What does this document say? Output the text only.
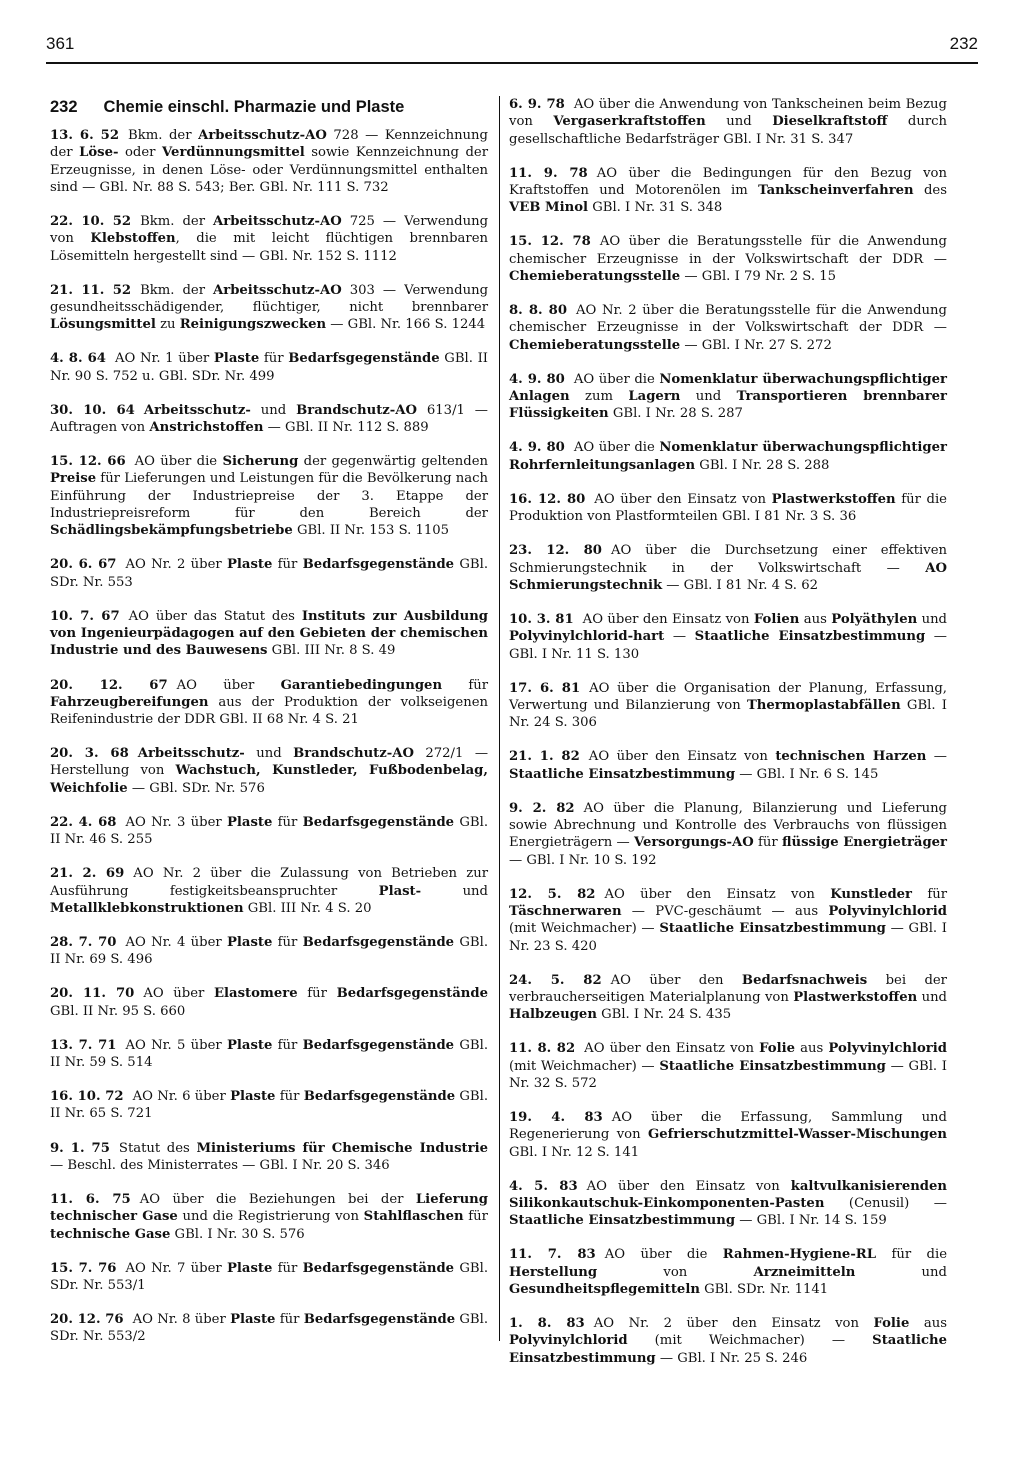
361	232
232 Chemie einschl. Pharmazie und Plaste

13. 6. 52 Bkm. der Arbeitsschutz-AO 728 — Kennzeichnung der Löse- oder Verdünnungsmittel sowie Kennzeichnung der Erzeugnisse, in denen Löse- oder Verdünnungsmittel enthalten sind — GBl. Nr. 88 S. 543; Ber. GBl. Nr. 111 S. 732

22. 10. 52 Bkm. der Arbeitsschutz-AO 725 — Verwendung von Klebstoffen, die mit leicht flüchtigen brennbaren Lösemitteln hergestellt sind — GBl. Nr. 152 S. 1112

21. 11. 52 Bkm. der Arbeitsschutz-AO 303 — Verwendung gesundheitsschädigender, flüchtiger, nicht brennbarer Lösungsmittel zu Reinigungszwecken — GBl. Nr. 166 S. 1244

4. 8. 64 AO Nr. 1 über Plaste für Bedarfsgegenstände GBl. II Nr. 90 S. 752 u. GBl. SDr. Nr. 499

30. 10. 64 Arbeitsschutz- und Brandschutz-AO 613/1 — Auftragen von Anstrichstoffen — GBl. II Nr. 112 S. 889

15. 12. 66 AO über die Sicherung der gegenwärtig geltenden Preise für Lieferungen und Leistungen für die Bevölkerung nach Einführung der Industriepreise der 3. Etappe der Industriepreisreform für den Bereich der Schädlingsbekämpfungsbetriebe GBl. II Nr. 153 S. 1105

20. 6. 67 AO Nr. 2 über Plaste für Bedarfsgegenstände GBl. SDr. Nr. 553

10. 7. 67 AO über das Statut des Instituts zur Ausbildung von Ingenieurpädagogen auf den Gebieten der chemischen Industrie und des Bauwesens GBl. III Nr. 8 S. 49

20. 12. 67 AO über Garantiebedingungen für Fahrzeugbereifungen aus der Produktion der volkseigenen Reifenindustrie der DDR GBl. II 68 Nr. 4 S. 21

20. 3. 68 Arbeitsschutz- und Brandschutz-AO 272/1 — Herstellung von Wachstuch, Kunstleder, Fußbodenbelag, Weichfolie — GBl. SDr. Nr. 576

22. 4. 68 AO Nr. 3 über Plaste für Bedarfsgegenstände GBl. II Nr. 46 S. 255

21. 2. 69 AO Nr. 2 über die Zulassung von Betrieben zur Ausführung festigkeitsbeanspruchter Plast- und Metallklebkonstruktionen GBl. III Nr. 4 S. 20

28. 7. 70 AO Nr. 4 über Plaste für Bedarfsgegenstände GBl. II Nr. 69 S. 496

20. 11. 70 AO über Elastomere für Bedarfsgegenstände GBl. II Nr. 95 S. 660

13. 7. 71 AO Nr. 5 über Plaste für Bedarfsgegenstände GBl. II Nr. 59 S. 514

16. 10. 72 AO Nr. 6 über Plaste für Bedarfsgegenstände GBl. II Nr. 65 S. 721

9. 1. 75 Statut des Ministeriums für Chemische Industrie — Beschl. des Ministerrates — GBl. I Nr. 20 S. 346

11. 6. 75 AO über die Beziehungen bei der Lieferung technischer Gase und die Registrierung von Stahlflaschen für technische Gase GBl. I Nr. 30 S. 576

15. 7. 76 AO Nr. 7 über Plaste für Bedarfsgegenstände GBl. SDr. Nr. 553/1

20. 12. 76 AO Nr. 8 über Plaste für Bedarfsgegenstände GBl. SDr. Nr. 553/2

6. 9. 78 AO über die Anwendung von Tankscheinen beim Bezug von Vergaserkraftstoffen und Dieselkraftstoff durch gesellschaftliche Bedarfsträger GBl. I Nr. 31 S. 347

11. 9. 78 AO über die Bedingungen für den Bezug von Kraftstoffen und Motorenölen im Tankscheinverfahren des VEB Minol GBl. I Nr. 31 S. 348

15. 12. 78 AO über die Beratungsstelle für die Anwendung chemischer Erzeugnisse in der Volkswirtschaft der DDR — Chemieberatungsstelle — GBl. I 79 Nr. 2 S. 15

8. 8. 80 AO Nr. 2 über die Beratungsstelle für die Anwendung chemischer Erzeugnisse in der Volkswirtschaft der DDR — Chemieberatungsstelle — GBl. I Nr. 27 S. 272

4. 9. 80 AO über die Nomenklatur überwachungspflichtiger Anlagen zum Lagern und Transportieren brennbarer Flüssigkeiten GBl. I Nr. 28 S. 287

4. 9. 80 AO über die Nomenklatur überwachungspflichtiger Rohrfernleitungsanlagen GBl. I Nr. 28 S. 288

16. 12. 80 AO über den Einsatz von Plastwerkstoffen für die Produktion von Plastformteilen GBl. I 81 Nr. 3 S. 36

23. 12. 80 AO über die Durchsetzung einer effektiven Schmierungstechnik in der Volkswirtschaft — AO Schmierungstechnik — GBl. I 81 Nr. 4 S. 62

10. 3. 81 AO über den Einsatz von Folien aus Polyäthylen und Polyvinylchlorid-hart — Staatliche Einsatzbestimmung — GBl. I Nr. 11 S. 130

17. 6. 81 AO über die Organisation der Planung, Erfassung, Verwertung und Bilanzierung von Thermoplastabfällen GBl. I Nr. 24 S. 306

21. 1. 82 AO über den Einsatz von technischen Harzen — Staatliche Einsatzbestimmung — GBl. I Nr. 6 S. 145

9. 2. 82 AO über die Planung, Bilanzierung und Lieferung sowie Abrechnung und Kontrolle des Verbrauchs von flüssigen Energieträgern — Versorgungs-AO für flüssige Energieträger — GBl. I Nr. 10 S. 192

12. 5. 82 AO über den Einsatz von Kunstleder für Täschnerwaren — PVC-geschäumt — aus Polyvinylchlorid (mit Weichmacher) — Staatliche Einsatzbestimmung — GBl. I Nr. 23 S. 420

24. 5. 82 AO über den Bedarfsnachweis bei der verbraucherseitigen Materialplanung von Plastwerkstoffen und Halbzeugen GBl. I Nr. 24 S. 435

11. 8. 82 AO über den Einsatz von Folie aus Polyvinylchlorid (mit Weichmacher) — Staatliche Einsatzbestimmung — GBl. I Nr. 32 S. 572

19. 4. 83 AO über die Erfassung, Sammlung und Regenerierung von Gefrierschutzmittel-Wasser-Mischungen GBl. I Nr. 12 S. 141

4. 5. 83 AO über den Einsatz von kaltvulkanisierenden Silikonkautschuk-Einkomponenten-Pasten (Cenusil) — Staatliche Einsatzbestimmung — GBl. I Nr. 14 S. 159

11. 7. 83 AO über die Rahmen-Hygiene-RL für die Herstellung von Arzneimitteln und Gesundheitspflegemitteln GBl. SDr. Nr. 1141

1. 8. 83 AO Nr. 2 über den Einsatz von Folie aus Polyvinylchlorid (mit Weichmacher) — Staatliche Einsatzbestimmung — GBl. I Nr. 25 S. 246
